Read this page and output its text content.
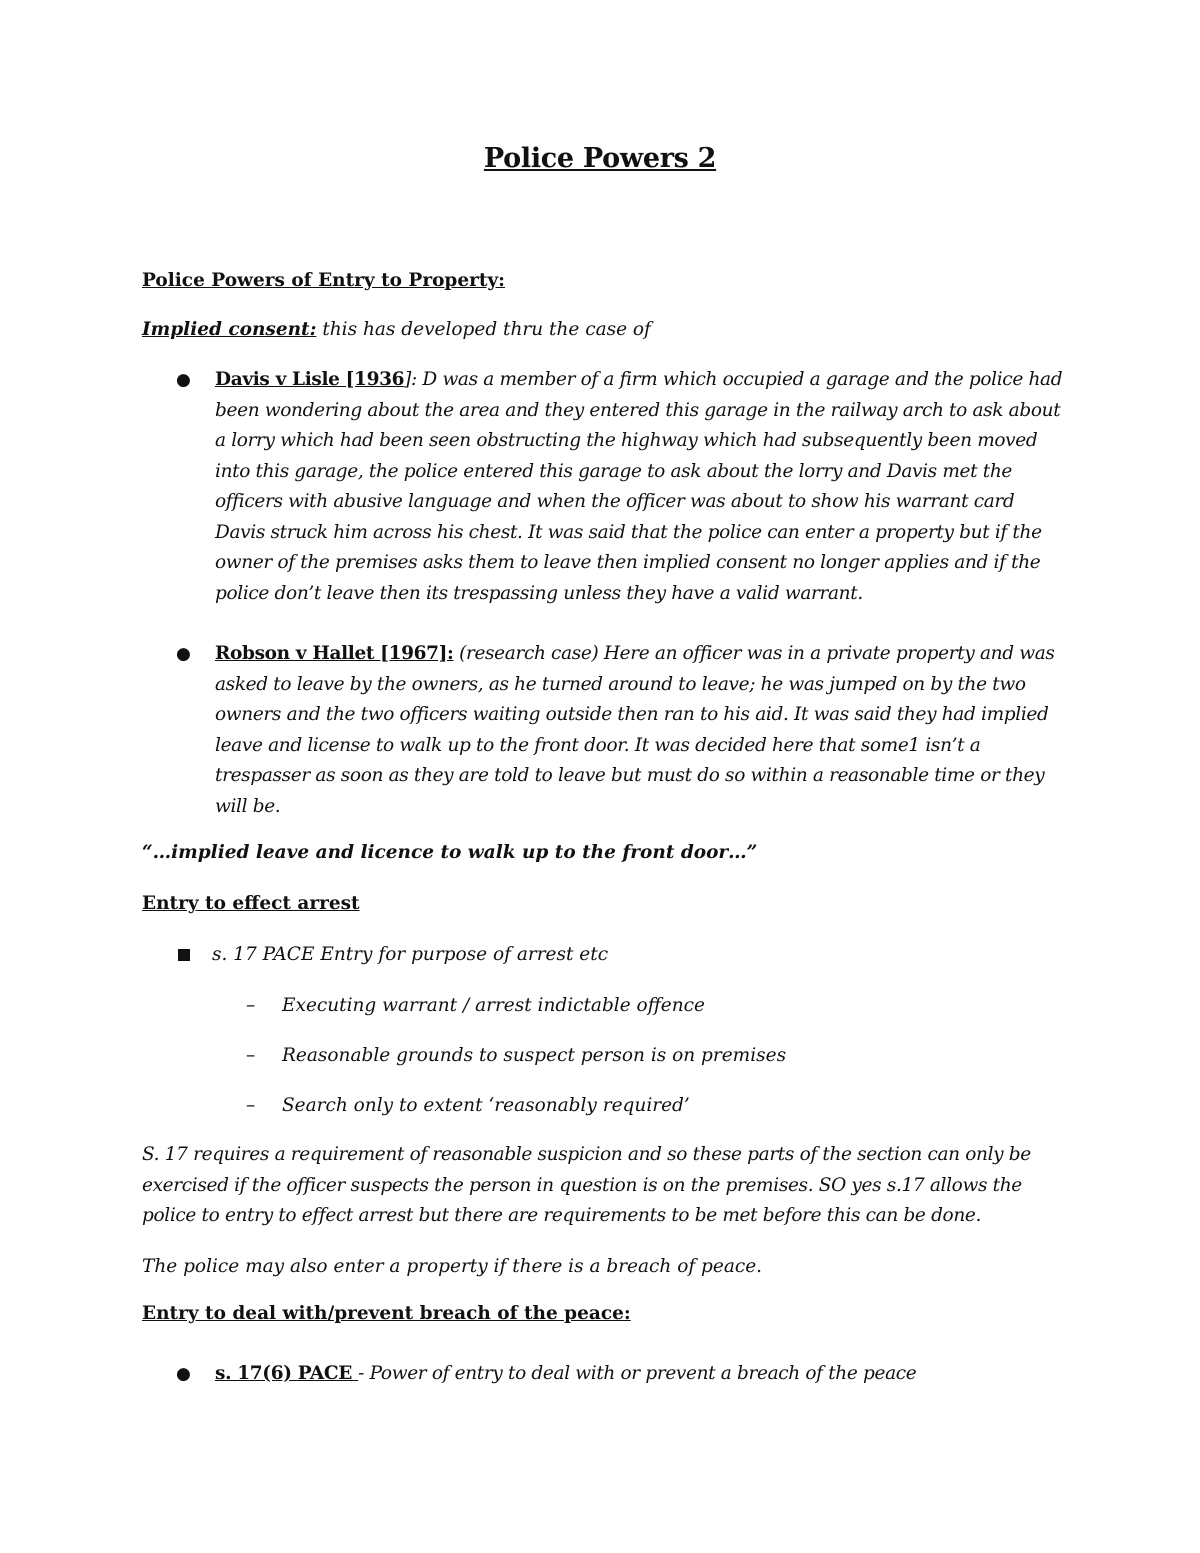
Police Powers 2
Police Powers of Entry to Property:
Implied consent: this has developed thru the case of
● Davis v Lisle [1936]: D was a member of a firm which occupied a garage and the police had been wondering about the area and they entered this garage in the railway arch to ask about a lorry which had been seen obstructing the highway which had subsequently been moved into this garage, the police entered this garage to ask about the lorry and Davis met the officers with abusive language and when the officer was about to show his warrant card Davis struck him across his chest. It was said that the police can enter a property but if the owner of the premises asks them to leave then implied consent no longer applies and if the police don’t leave then its trespassing unless they have a valid warrant.
● Robson v Hallet [1967]: (research case) Here an officer was in a private property and was asked to leave by the owners, as he turned around to leave; he was jumped on by the two owners and the two officers waiting outside then ran to his aid. It was said they had implied leave and license to walk up to the front door. It was decided here that some1 isn’t a trespasser as soon as they are told to leave but must do so within a reasonable time or they will be.
“…implied leave and licence to walk up to the front door…”
Entry to effect arrest
s. 17 PACE Entry for purpose of arrest etc
– Executing warrant / arrest indictable offence
– Reasonable grounds to suspect person is on premises
– Search only to extent ‘reasonably required’
S. 17 requires a requirement of reasonable suspicion and so these parts of the section can only be exercised if the officer suspects the person in question is on the premises. SO yes s.17 allows the police to entry to effect arrest but there are requirements to be met before this can be done.
The police may also enter a property if there is a breach of peace.
Entry to deal with/prevent breach of the peace:
● s. 17(6) PACE - Power of entry to deal with or prevent a breach of the peace
